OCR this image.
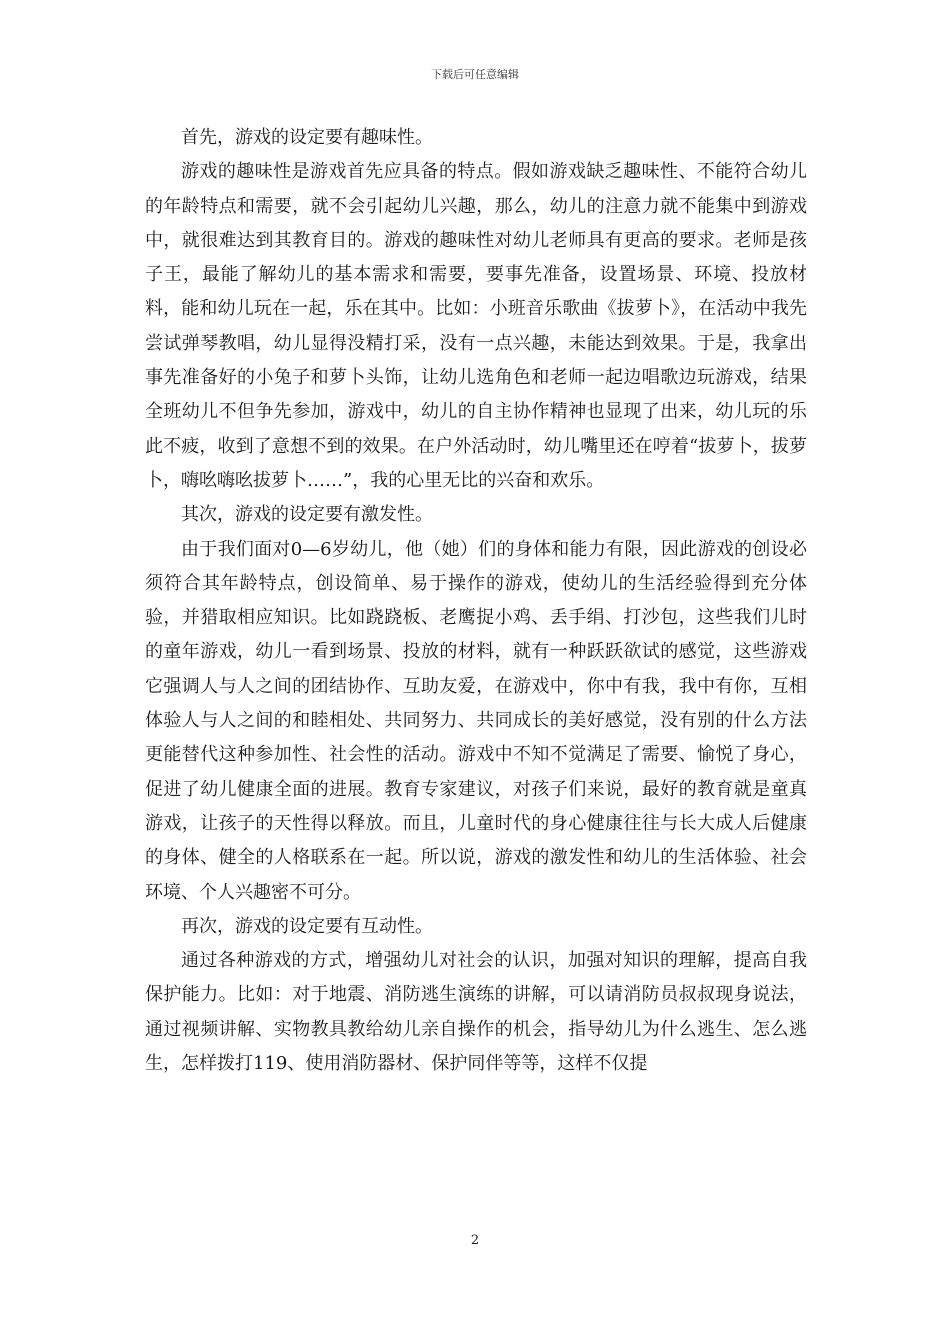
下载后可任意编辑

首先，游戏的设定要有趣味性。

游戏的趣味性是游戏首先应具备的特点。假如游戏缺乏趣味性、不能符合幼儿的年龄特点和需要，就不会引起幼儿兴趣，那么，幼儿的注意力就不能集中到游戏中，就很难达到其教育目的。游戏的趣味性对幼儿老师具有更高的要求。老师是孩子王，最能了解幼儿的基本需求和需要，要事先准备，设置场景、环境、投放材料，能和幼儿玩在一起，乐在其中。比如：小班音乐歌曲《拔萝卜》，在活动中我先尝试弹琴教唱，幼儿显得没精打采，没有一点兴趣，未能达到效果。于是，我拿出事先准备好的小兔子和萝卜头饰，让幼儿选角色和老师一起边唱歌边玩游戏，结果全班幼儿不但争先参加，游戏中，幼儿的自主协作精神也显现了出来，幼儿玩的乐此不疲，收到了意想不到的效果。在户外活动时，幼儿嘴里还在哼着“拔萝卜，拔萝卜，嗨吆嗨吆拔萝卜……”，我的心里无比的兴奋和欢乐。

其次，游戏的设定要有激发性。

由于我们面对0—6岁幼儿，他（她）们的身体和能力有限，因此游戏的创设必须符合其年龄特点，创设简单、易于操作的游戏，使幼儿的生活经验得到充分体验，并猎取相应知识。比如跷跷板、老鹰捉小鸡、丢手绢、打沙包，这些我们儿时的童年游戏，幼儿一看到场景、投放的材料，就有一种跃跃欲试的感觉，这些游戏它强调人与人之间的团结协作、互助友爱，在游戏中，你中有我，我中有你，互相体验人与人之间的和睦相处、共同努力、共同成长的美好感觉，没有别的什么方法更能替代这种参加性、社会性的活动。游戏中不知不觉满足了需要、愉悦了身心，促进了幼儿健康全面的进展。教育专家建议，对孩子们来说，最好的教育就是童真游戏，让孩子的天性得以释放。而且，儿童时代的身心健康往往与长大成人后健康的身体、健全的人格联系在一起。所以说，游戏的激发性和幼儿的生活体验、社会环境、个人兴趣密不可分。

再次，游戏的设定要有互动性。

通过各种游戏的方式，增强幼儿对社会的认识，加强对知识的理解，提高自我保护能力。比如：对于地震、消防逃生演练的讲解，可以请消防员叔叔现身说法，通过视频讲解、实物教具教给幼儿亲自操作的机会，指导幼儿为什么逃生、怎么逃生，怎样拨打119、使用消防器材、保护同伴等等，这样不仅提

2
